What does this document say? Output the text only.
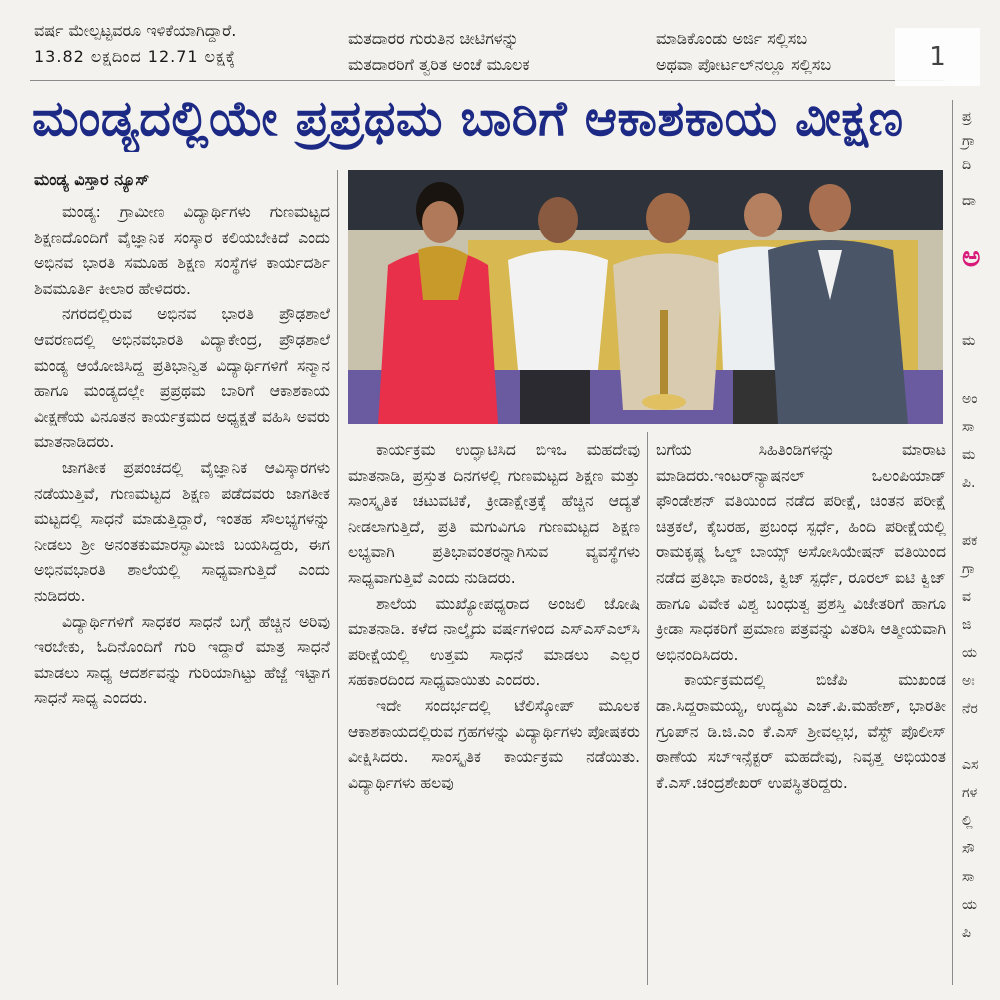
ವರ್ಷ ಮೇಲ್ಪಟ್ಟವರೂ ಇಳಿಕೆಯಾಗಿದ್ದಾರೆ.
13.82 ಲಕ್ಷದಿಂದ 12.71 ಲಕ್ಷಕ್ಕೆ
ಮತದಾರರ ಗುರುತಿನ ಚೀಟಿಗಳನ್ನು
ಮತದಾರರಿಗೆ ತ್ವರಿತ ಅಂಚೆ ಮೂಲಕ
ಮಾಡಿಕೊಂಡು ಅರ್ಜಿ ಸಲ್ಲಿಸಬ
ಅಥವಾ ಪೋರ್ಟಲ್‌ನಲ್ಲೂ ಸಲ್ಲಿಸಬ	1
ಮಂಡ್ಯದಲ್ಲಿಯೇ ಪ್ರಪ್ರಥಮ ಬಾರಿಗೆ ಆಕಾಶಕಾಯ ವೀಕ್ಷಣ
ಮಂಡ್ಯ ವಿಸ್ತಾರ ನ್ಯೂಸ್

ಮಂಡ್ಯ: ಗ್ರಾಮೀಣ ವಿದ್ಯಾರ್ಥಿಗಳು ಗುಣಮಟ್ಟದ ಶಿಕ್ಷಣದೊಂದಿಗೆ ವೈಜ್ಞಾನಿಕ ಸಂಸ್ಕಾರ ಕಲಿಯಬೇಕಿದೆ ಎಂದು ಅಭಿನವ ಭಾರತಿ ಸಮೂಹ ಶಿಕ್ಷಣ ಸಂಸ್ಥೆಗಳ ಕಾರ್ಯದರ್ಶಿ ಶಿವಮೂರ್ತಿ ಕೀಲಾರ ಹೇಳಿದರು.

ನಗರದಲ್ಲಿರುವ ಅಭಿನವ ಭಾರತಿ ಪ್ರೌಢಶಾಲೆ ಆವರಣದಲ್ಲಿ ಅಭಿನವಭಾರತಿ ವಿದ್ಯಾಕೇಂದ್ರ, ಪ್ರೌಢಶಾಲೆ ಮಂಡ್ಯ ಆಯೋಜಿಸಿದ್ದ ಪ್ರತಿಭಾನ್ವಿತ ವಿದ್ಯಾರ್ಥಿಗಳಿಗೆ ಸನ್ಮಾನ ಹಾಗೂ ಮಂಡ್ಯದಲ್ಲೇ ಪ್ರಪ್ರಥಮ ಬಾರಿಗೆ ಆಕಾಶಕಾಯ ವೀಕ್ಷಣೆಯ ವಿನೂತನ ಕಾರ್ಯಕ್ರಮದ ಅಧ್ಯಕ್ಷತೆ ವಹಿಸಿ ಅವರು ಮಾತನಾಡಿದರು.

ಜಾಗತೀಕ ಪ್ರಪಂಚದಲ್ಲಿ ವೈಜ್ಞಾನಿಕ ಆವಿಸ್ಕಾರಗಳು ನಡೆಯುತ್ತಿವೆ, ಗುಣಮಟ್ಟದ ಶಿಕ್ಷಣ ಪಡೆದವರು ಜಾಗತೀಕ ಮಟ್ಟದಲ್ಲಿ ಸಾಧನೆ ಮಾಡುತ್ತಿದ್ದಾರೆ, ಇಂತಹ ಸೌಲಭ್ಯಗಳನ್ನು ನೀಡಲು ಶ್ರೀ ಅನಂತಕುಮಾರಸ್ವಾಮೀಜಿ ಬಯಸಿದ್ದರು, ಈಗ ಅಭಿನವಭಾರತಿ ಶಾಲೆಯಲ್ಲಿ ಸಾಧ್ಯವಾಗುತ್ತಿದೆ ಎಂದು ನುಡಿದರು.

ವಿದ್ಯಾರ್ಥಿಗಳಿಗೆ ಸಾಧಕರ ಸಾಧನೆ ಬಗ್ಗೆ ಹೆಚ್ಚಿನ ಅರಿವು ಇರಬೇಕು, ಓದಿನೊಂದಿಗೆ ಗುರಿ ಇದ್ದಾರೆ ಮಾತ್ರ ಸಾಧನೆ ಮಾಡಲು ಸಾಧ್ಯ ಆದರ್ಶವನ್ನು ಗುರಿಯಾಗಿಟ್ಟು ಹೆಜ್ಜೆ ಇಟ್ಟಾಗ ಸಾಧನೆ ಸಾಧ್ಯ ಎಂದರು.

ಕಾರ್ಯಕ್ರಮ ಉದ್ಘಾಟಿಸಿದ ಬಿಇಒ ಮಹದೇವು ಮಾತನಾಡಿ, ಪ್ರಸ್ತುತ ದಿನಗಳಲ್ಲಿ ಗುಣಮಟ್ಟದ ಶಿಕ್ಷಣ ಮತ್ತು ಸಾಂಸ್ಕೃತಿಕ ಚಟುವಟಿಕೆ, ಕ್ರೀಡಾಕ್ಷೇತ್ರಕ್ಕೆ ಹೆಚ್ಚಿನ ಆದ್ಯತೆ ನೀಡಲಾಗುತ್ತಿದೆ, ಪ್ರತಿ ಮಗುವಿಗೂ ಗುಣಮಟ್ಟದ ಶಿಕ್ಷಣ ಲಭ್ಯವಾಗಿ ಪ್ರತಿಭಾವಂತರನ್ನಾಗಿಸುವ ವ್ಯವಸ್ಥೆಗಳು ಸಾಧ್ಯವಾಗುತ್ತಿವೆ ಎಂದು ನುಡಿದರು.

ಶಾಲೆಯ ಮುಖ್ಯೋಪಧ್ಯರಾದ ಅಂಜಲಿ ಜೋಷಿ ಮಾತನಾಡಿ. ಕಳೆದ ನಾಲ್ಕೈದು ವರ್ಷಗಳಿಂದ ಎಸ್‌ಎಸ್‌ಎಲ್‌ಸಿ ಪರೀಕ್ಷೆಯಲ್ಲಿ ಉತ್ತಮ ಸಾಧನೆ ಮಾಡಲು ಎಲ್ಲರ ಸಹಕಾರದಿಂದ ಸಾಧ್ಯವಾಯಿತು ಎಂದರು.

ಇದೇ ಸಂದರ್ಭದಲ್ಲಿ ಟೆಲಿಸ್ಕೋಪ್ ಮೂಲಕ ಆಕಾಶಕಾಯದಲ್ಲಿರುವ ಗ್ರಹಗಳನ್ನು ವಿದ್ಯಾರ್ಥಿಗಳು ಪೋಷಕರು ವೀಕ್ಷಿಸಿದರು. ಸಾಂಸ್ಕೃತಿಕ ಕಾರ್ಯಕ್ರಮ ನಡೆಯಿತು. ವಿದ್ಯಾರ್ಥಿಗಳು ಹಲವು

ಬಗೆಯ ಸಿಹಿತಿಂಡಿಗಳನ್ನು ಮಾರಾಟ ಮಾಡಿದರು.ಇಂಟರ್‌ನ್ಯಾಷನಲ್ ಒಲಂಪಿಯಾಡ್ ಫೌಂಡೇಶನ್ ವತಿಯಿಂದ ನಡೆದ ಪರೀಕ್ಷೆ, ಚಿಂತನ ಪರೀಕ್ಷೆ ಚಿತ್ರಕಲೆ, ಕೈಬರಹ, ಪ್ರಬಂಧ ಸ್ಪರ್ಧೆ, ಹಿಂದಿ ಪರೀಕ್ಷೆಯಲ್ಲಿ ರಾಮಕೃಷ್ಣ ಓಲ್ಡ್ ಬಾಯ್ಸ್ ಅಸೋಸಿಯೇಷನ್ ವತಿಯಿಂದ ನಡೆದ ಪ್ರತಿಭಾ ಕಾರಂಜಿ, ಕ್ವಿಜ್ ಸ್ಪರ್ಧೆ, ರೂರಲ್ ಐಟಿ ಕ್ವಿಜ್ ಹಾಗೂ ವಿವೇಕ ವಿಶ್ವ ಬಂಧುತ್ವ ಪ್ರಶಸ್ತಿ ವಿಜೇತರಿಗೆ ಹಾಗೂ ಕ್ರೀಡಾ ಸಾಧಕರಿಗೆ ಪ್ರಮಾಣ ಪತ್ರವನ್ನು ವಿತರಿಸಿ ಆತ್ಮೀಯವಾಗಿ ಅಭಿನಂದಿಸಿದರು.

ಕಾರ್ಯಕ್ರಮದಲ್ಲಿ ಬಿಜೆಪಿ ಮುಖಂಡ ಡಾ.ಸಿದ್ದರಾಮಯ್ಯ, ಉದ್ಯಮಿ ಎಚ್.ಪಿ.ಮಹೇಶ್, ಭಾರತೀ ಗ್ರೂಪ್‌ನ ಡಿ.ಜಿ.ಎಂ ಕೆ.ಎಸ್ ಶ್ರೀವಲ್ಲಭ, ವೆಸ್ಟ್ ಪೊಲೀಸ್ ಠಾಣೆಯ ಸಬ್‌ಇನ್ಸೆಕ್ಟರ್ ಮಹದೇವು, ನಿವೃತ್ತ ಅಭಿಯಂತ ಕೆ.ಎಸ್.ಚಂದ್ರಶೇಖರ್ ಉಪಸ್ಥಿತರಿದ್ದರು.

ಪ್ರ
ಗ್ರಾ
ದಿ
ದಾ
ಅ
ಮ
ಅಂ
ಸಾ
ಮ
ಪಿ.
ಪಕ
ಗ್ರಾ
ವ
ಜಿ
ಯ
ಅಃ
ನೆರ
ಎಸ
ಗಳ
ಲ್ಲಿ
ಸೌ
ಸಾ
ಯ
ಪಿ
